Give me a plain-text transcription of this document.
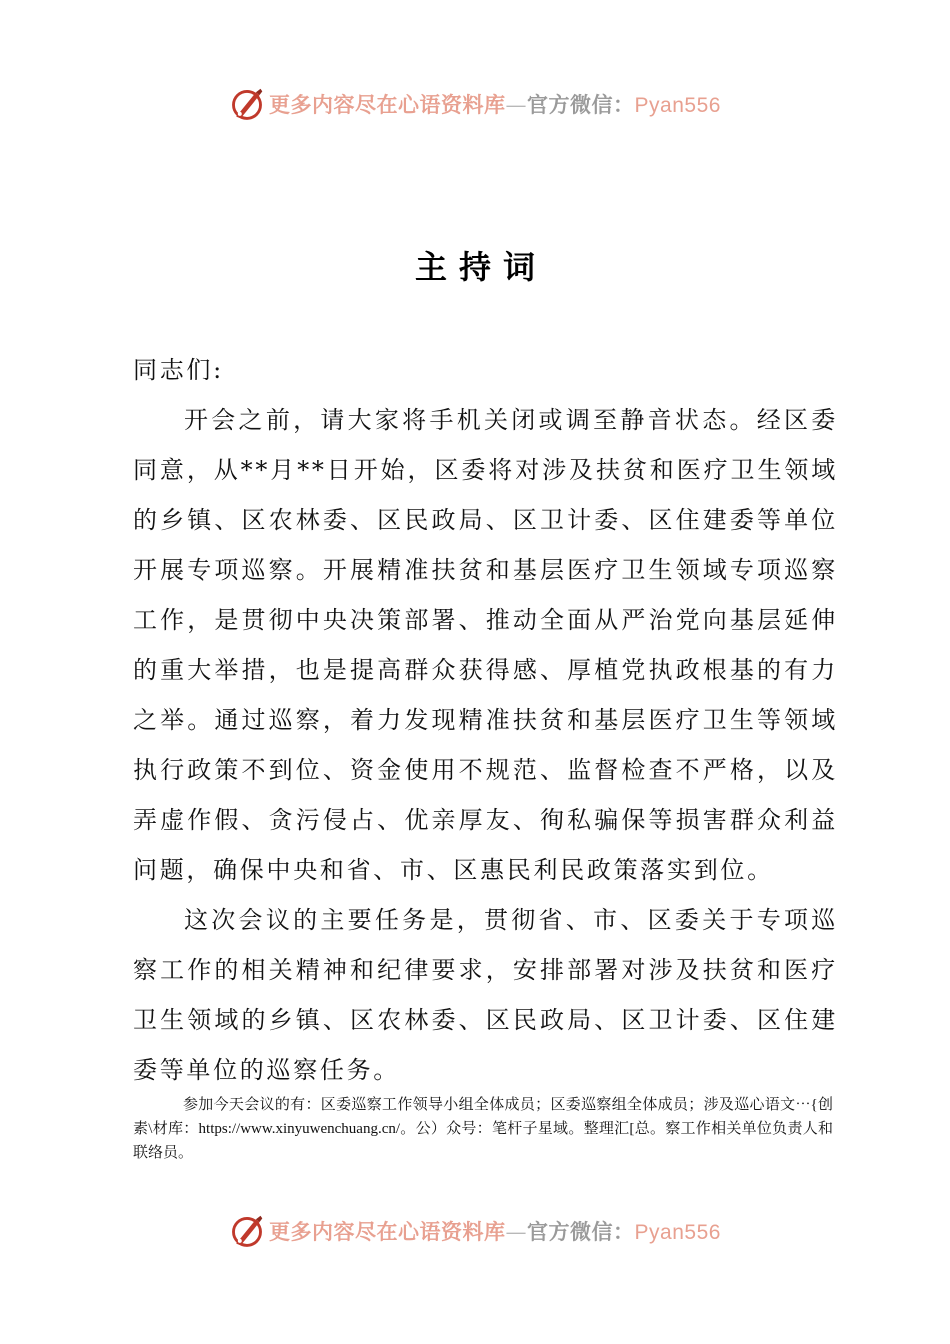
更多内容尽在心语资料库—官方微信：Pyan556
主持词

同志们:

开会之前，请大家将手机关闭或调至静音状态。经区委同意，从**月**日开始，区委将对涉及扶贫和医疗卫生领域的乡镇、区农林委、区民政局、区卫计委、区住建委等单位开展专项巡察。开展精准扶贫和基层医疗卫生领域专项巡察工作，是贯彻中央决策部署、推动全面从严治党向基层延伸的重大举措，也是提高群众获得感、厚植党执政根基的有力之举。通过巡察，着力发现精准扶贫和基层医疗卫生等领域执行政策不到位、资金使用不规范、监督检查不严格，以及弄虚作假、贪污侵占、优亲厚友、徇私骗保等损害群众利益问题，确保中央和省、市、区惠民利民政策落实到位。

这次会议的主要任务是，贯彻省、市、区委关于专项巡察工作的相关精神和纪律要求，安排部署对涉及扶贫和医疗卫生领域的乡镇、区农林委、区民政局、区卫计委、区住建委等单位的巡察任务。

参加今天会议的有：区委巡察工作领导小组全体成员；区委巡察组全体成员；涉及巡心语文⋯{创素\材库：https://www.xinyuwenchuang.cn/。公）众号：笔杆子星域。整理汇[总。察工作相关单位负责人和联络员。

更多内容尽在心语资料库—官方微信：Pyan556
